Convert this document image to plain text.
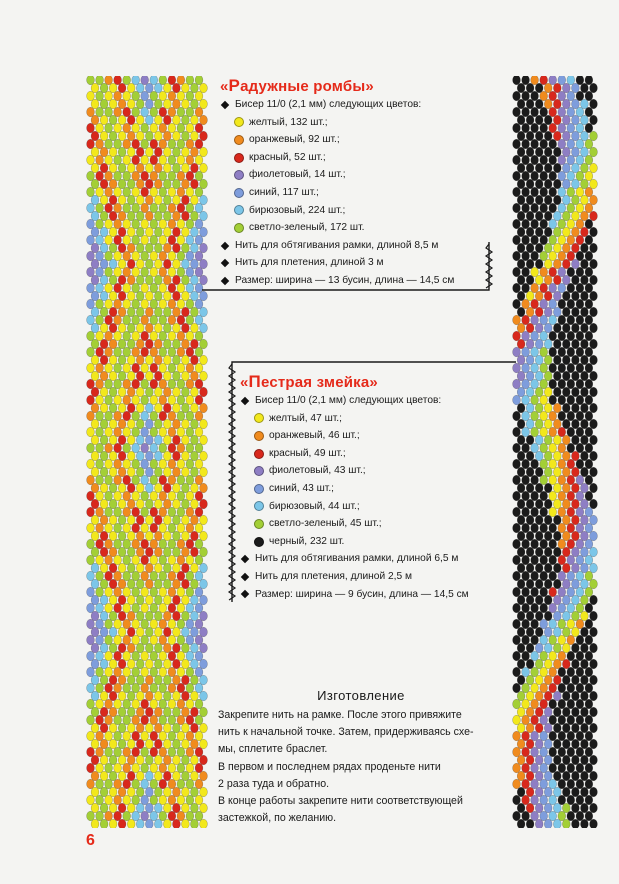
«Радужные ромбы»
Бисер 11/0 (2,1 мм) следующих цветов:
желтый, 132 шт.;
оранжевый, 92 шт.;
красный, 52 шт.;
фиолетовый, 14 шт.;
синий, 117 шт.;
бирюзовый, 224 шт.;
светло-зеленый, 172 шт.
Нить для обтягивания рамки, длиной 8,5 м
Нить для плетения, длиной 3 м
Размер: ширина — 13 бусин, длина — 14,5 см
«Пестрая змейка»
Бисер 11/0 (2,1 мм) следующих цветов:
желтый, 47 шт.;
оранжевый, 46 шт.;
красный, 49 шт.;
фиолетовый, 43 шт.;
синий, 43 шт.;
бирюзовый, 44 шт.;
светло-зеленый, 45 шт.;
черный, 232 шт.
Нить для обтягивания рамки, длиной 6,5 м
Нить для плетения, длиной 2,5 м
Размер: ширина — 9 бусин, длина — 14,5 см
Изготовление

Закрепите нить на рамке. После этого привяжите

нить к начальной точке. Затем, придерживаясь схе-

мы, сплетите браслет.

В первом и последнем рядах проденьте нити

2 раза туда и обратно.

В конце работы закрепите нити соответствующей

застежкой, по желанию.

6
